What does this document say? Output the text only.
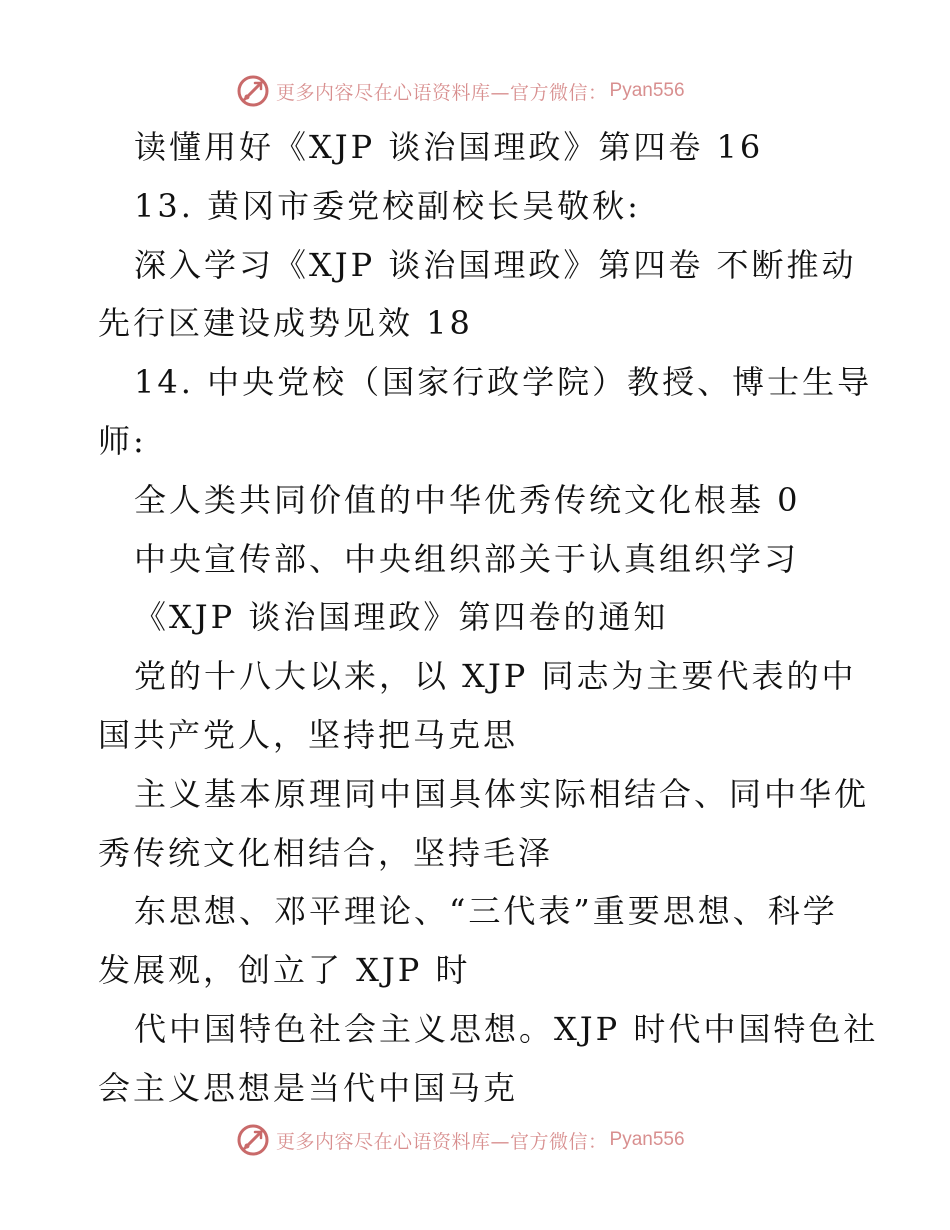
更多内容尽在心语资料库—官方微信： Pyan556
读懂用好《XJP 谈治国理政》第四卷 16
13. 黄冈市委党校副校长吴敬秋:
深入学习《XJP 谈治国理政》第四卷 不断推动
先行区建设成势见效 18
14. 中央党校（国家行政学院）教授、博士生导
师:
全人类共同价值的中华优秀传统文化根基 0
中央宣传部、中央组织部关于认真组织学习
《XJP 谈治国理政》第四卷的通知
党的十八大以来，以 XJP 同志为主要代表的中
国共产党人，坚持把马克思
主义基本原理同中国具体实际相结合、同中华优
秀传统文化相结合，坚持毛泽
东思想、邓平理论、“三代表”重要思想、科学
发展观，创立了 XJP 时
代中国特色社会主义思想。XJP 时代中国特色社
会主义思想是当代中国马克
更多内容尽在心语资料库—官方微信： Pyan556
